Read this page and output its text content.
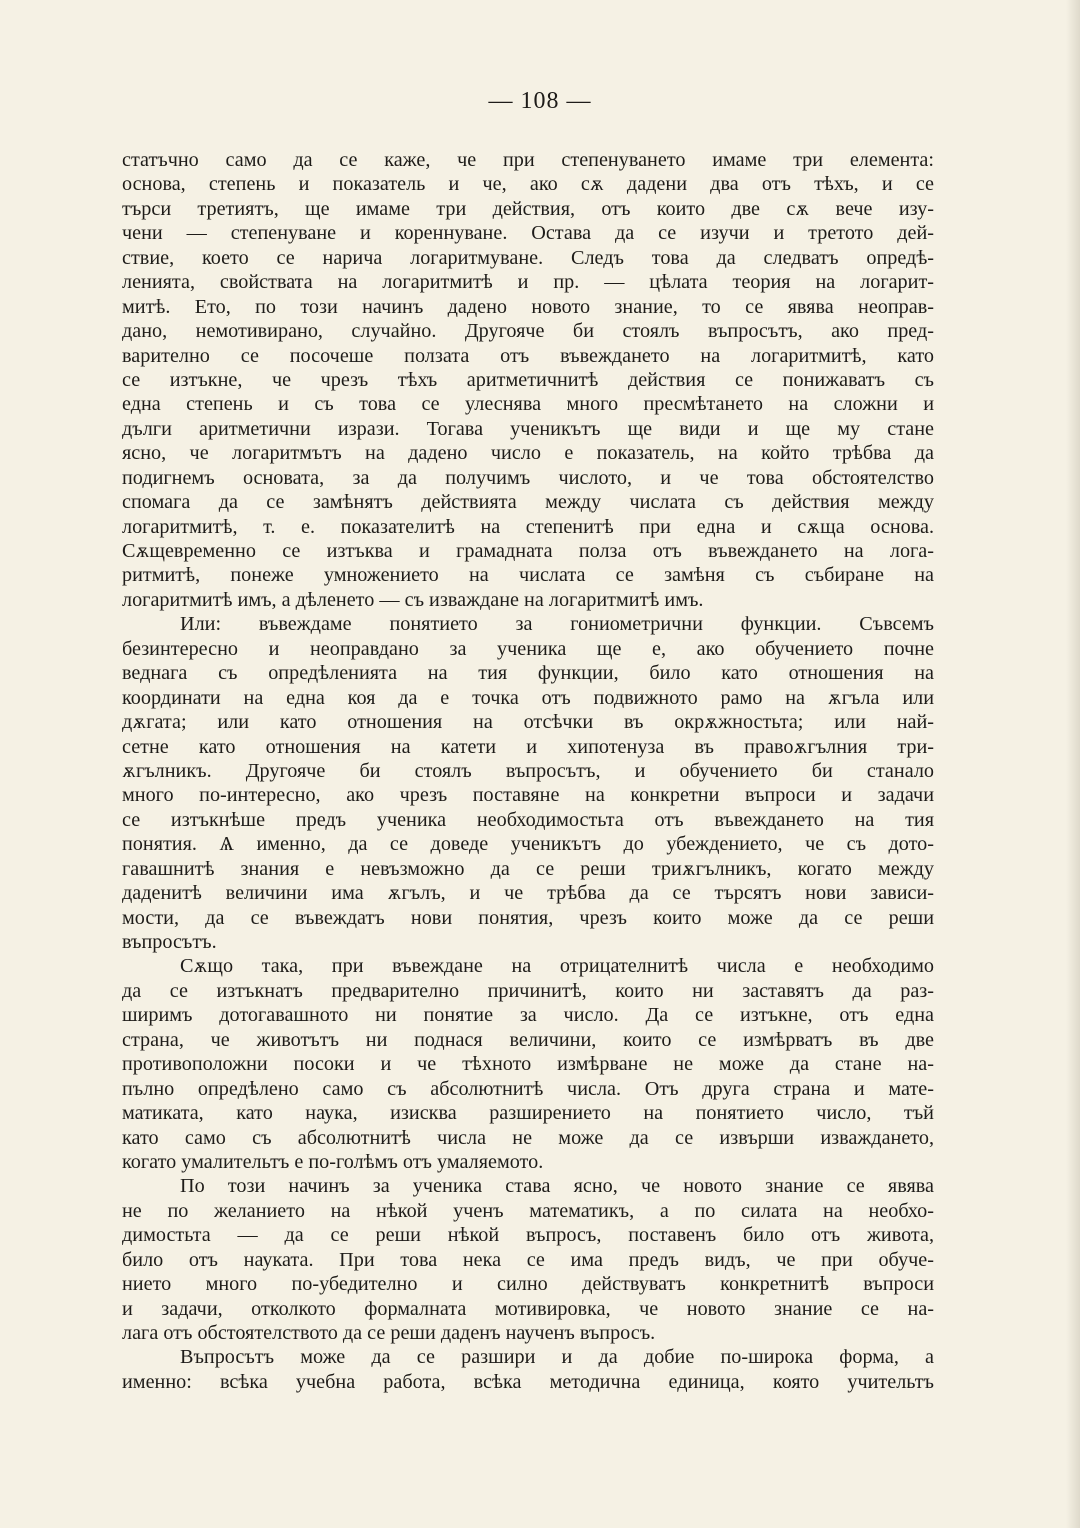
— 108 —
статъчно само да се каже, че при степенуването имаме три елемента:
основа, степень и показатель и че, ако сѫ дадени два отъ тѣхъ, и се
търси третиятъ, ще имаме три действия, отъ които две сѫ вече изу-
чени — степенуване и кореннуване. Остава да се изучи и третото дей-
ствие, което се нарича логаритмуване. Следъ това да следватъ опредѣ-
ленията, свойствата на логаритмитѣ и пр. — цѣлата теория на логарит-
митѣ. Ето, по този начинъ дадено новото знание, то се явява неоправ-
дано, немотивирано, случайно. Другояче би стоялъ въпросътъ, ако пред-
варително се посочеше ползата отъ въвеждането на логаритмитѣ, като
се изтъкне, че чрезъ тѣхъ аритметичнитѣ действия се понижаватъ съ
една степень и съ това се улеснява много пресмѣтането на сложни и
дълги аритметични изрази. Тогава ученикътъ ще види и ще му стане
ясно, че логаритмътъ на дадено число е показатель, на който трѣбва да
подигнемъ основата, за да получимъ числото, и че това обстоятелство
спомага да се замѣнятъ действията между числата съ действия между
логаритмитѣ, т. е. показателитѣ на степенитѣ при една и сѫща основа.
Сѫщевременно се изтъква и грамадната полза отъ въвеждането на лога-
ритмитѣ, понеже умножението на числата се замѣня съ събиране на
логаритмитѣ имъ, а дѣленето — съ изваждане на логаритмитѣ имъ.
Или: въвеждаме понятието за гониометрични функции. Съвсемъ
безинтересно и неоправдано за ученика ще е, ако обучението почне
веднага съ опредѣленията на тия функции, било като отношения на
координати на една коя да е точка отъ подвижното рамо на ѫгъла или
дѫгата; или като отношения на отсѣчки въ окрѫжностьта; или най-
сетне като отношения на катети и хипотенуза въ правоѫгълния три-
ѫгълникъ. Другояче би стоялъ въпросътъ, и обучението би станало
много по-интересно, ако чрезъ поставяне на конкретни въпроси и задачи
се изтъкнѣше предъ ученика необходимостьта отъ въвеждането на тия
понятия. Ѧ именно, да се доведе ученикътъ до убеждението, че съ дото-
гавашнитѣ знания е невъзможно да се реши триѫгълникъ, когато между
даденитѣ величини има ѫгълъ, и че трѣбва да се търсятъ нови зависи-
мости, да се въвеждатъ нови понятия, чрезъ които може да се реши
въпросътъ.
Сѫщо така, при въвеждане на отрицателнитѣ числа е необходимо
да се изтъкнатъ предварително причинитѣ, които ни заставятъ да раз-
ширимъ дотогавашното ни понятие за число. Да се изтъкне, отъ една
страна, че животътъ ни поднася величини, които се измѣрватъ въ две
противоположни посоки и че тѣхното измѣрване не може да стане на-
пълно опредѣлено само съ абсолютнитѣ числа. Отъ друга страна и мате-
матиката, като наука, изисква разширението на понятието число, тъй
като само съ абсолютнитѣ числа не може да се извърши изваждането,
когато умалительтъ е по-голѣмъ отъ умаляемото.
По този начинъ за ученика става ясно, че новото знание се явява
не по желанието на нѣкой ученъ математикъ, а по силата на необхо-
димостьта — да се реши нѣкой въпросъ, поставенъ било отъ живота,
било отъ науката. При това нека се има предъ видъ, че при обуче-
нието много по-убедително и силно действуватъ конкретнитѣ въпроси
и задачи, отколкото формалната мотивировка, че новото знание се на-
лага отъ обстоятелството да се реши даденъ наученъ въпросъ.
Въпросътъ може да се разшири и да добие по-широка форма, а
именно: всѣка учебна работа, всѣка методична единица, която учительтъ
